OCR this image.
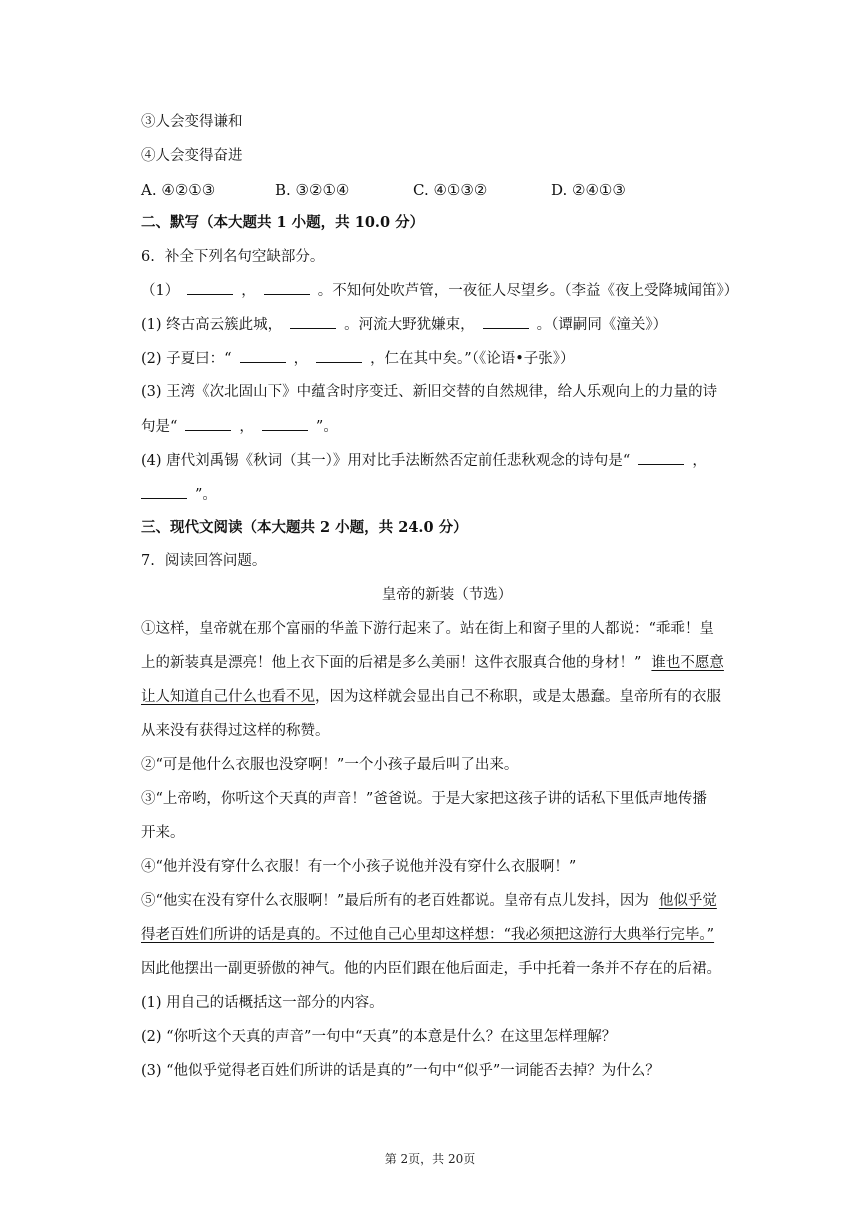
③人会变得谦和
④人会变得奋进
A. ④②①③	B. ③②①④	C. ④①③②	D. ②④①③
二、默写（本大题共 1 小题，共 10.0 分）
6. 补全下列名句空缺部分。
（1）	，	。不知何处吹芦管，一夜征人尽望乡。（李益《夜上受降城闻笛》）
(1) 终古高云簇此城，	。河流大野犹嫌束，	。（谭嗣同《潼关》）
(2) 子夏曰：“	，	，仁在其中矣。”（《论语•子张》）
(3) 王湾《次北固山下》中蕴含时序变迁、新旧交替的自然规律，给人乐观向上的力量的诗
句是“	，	”。
(4) 唐代刘禹锡《秋词（其一）》用对比手法断然否定前任悲秋观念的诗句是“	，
”。
三、现代文阅读（本大题共 2 小题，共 24.0 分）
7. 阅读回答问题。
皇帝的新装（节选）
①这样，皇帝就在那个富丽的华盖下游行起来了。站在街上和窗子里的人都说：“乖乖！皇
上的新装真是漂亮！他上衣下面的后裙是多么美丽！这件衣服真合他的身材！” 谁也不愿意
让人知道自己什么也看不见，因为这样就会显出自己不称职，或是太愚蠢。皇帝所有的衣服
从来没有获得过这样的称赞。
②“可是他什么衣服也没穿啊！”一个小孩子最后叫了出来。
③“上帝哟，你听这个天真的声音！”爸爸说。于是大家把这孩子讲的话私下里低声地传播
开来。
④“他并没有穿什么衣服！有一个小孩子说他并没有穿什么衣服啊！”
⑤“他实在没有穿什么衣服啊！”最后所有的老百姓都说。皇帝有点儿发抖，因为 他似乎觉
得老百姓们所讲的话是真的。不过他自己心里却这样想：“我必须把这游行大典举行完毕。”
因此他摆出一副更骄傲的神气。他的内臣们跟在他后面走，手中托着一条并不存在的后裙。
(1) 用自己的话概括这一部分的内容。
(2) “你听这个天真的声音”一句中“天真”的本意是什么？在这里怎样理解？
(3) “他似乎觉得老百姓们所讲的话是真的”一句中“似乎”一词能否去掉？为什么？
第 2页，共 20页
